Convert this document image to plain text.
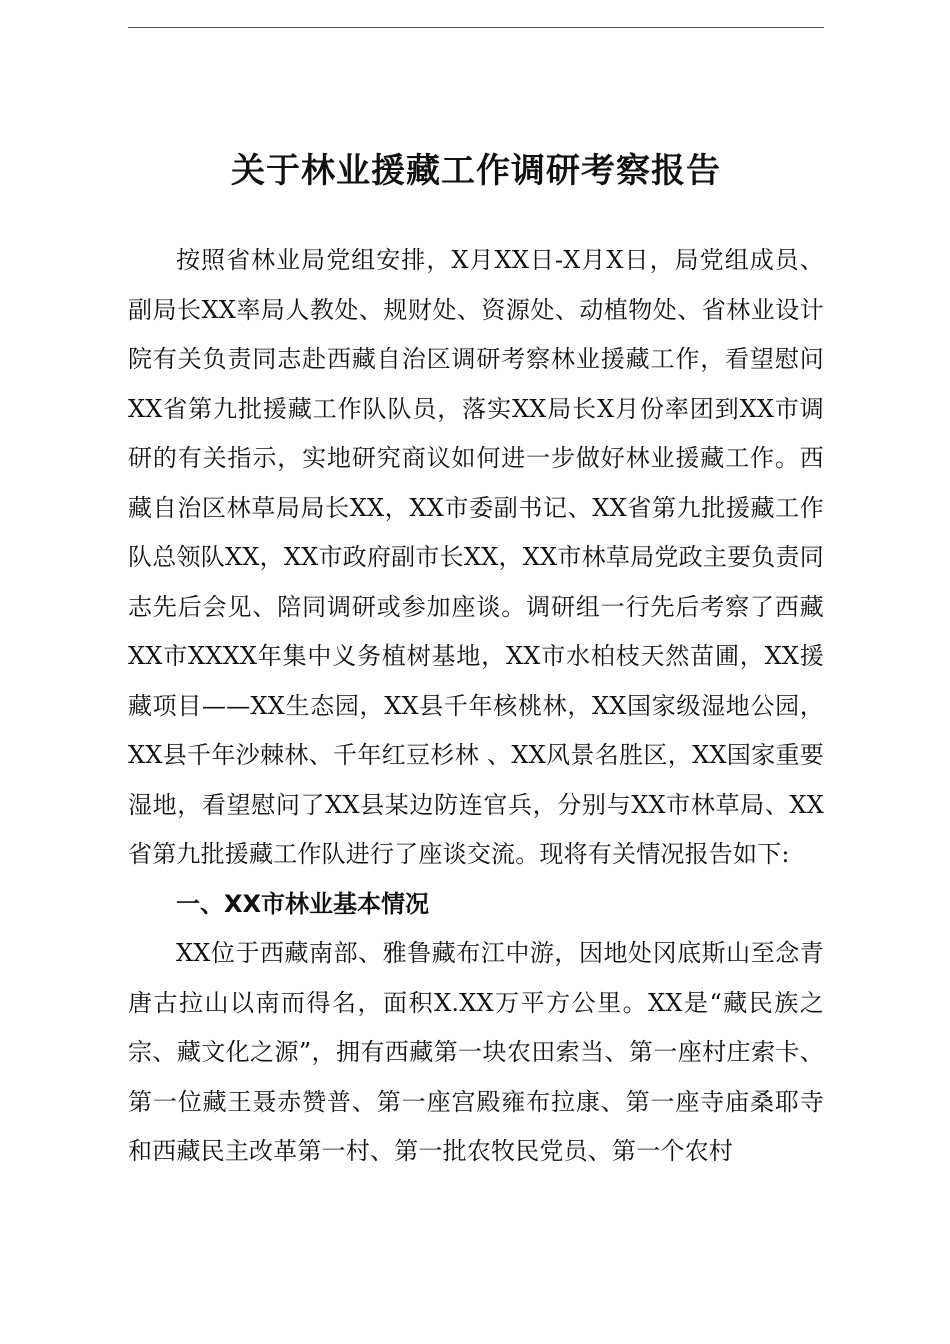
关于林业援藏工作调研考察报告

按照省林业局党组安排，X月XX日-X月X日，局党组成员、副局长XX率局人教处、规财处、资源处、动植物处、省林业设计院有关负责同志赴西藏自治区调研考察林业援藏工作，看望慰问XX省第九批援藏工作队队员，落实XX局长X月份率团到XX市调研的有关指示，实地研究商议如何进一步做好林业援藏工作。西藏自治区林草局局长XX，XX市委副书记、XX省第九批援藏工作队总领队XX，XX市政府副市长XX，XX市林草局党政主要负责同志先后会见、陪同调研或参加座谈。调研组一行先后考察了西藏XX市XXXX年集中义务植树基地，XX市水柏枝天然苗圃，XX援藏项目——XX生态园，XX县千年核桃林，XX国家级湿地公园，XX县千年沙棘林、千年红豆杉林 、XX风景名胜区，XX国家重要湿地，看望慰问了XX县某边防连官兵，分别与XX市林草局、XX省第九批援藏工作队进行了座谈交流。现将有关情况报告如下:

一、XX市林业基本情况

XX位于西藏南部、雅鲁藏布江中游，因地处冈底斯山至念青唐古拉山以南而得名，面积X.XX万平方公里。XX是“藏民族之宗、藏文化之源”，拥有西藏第一块农田索当、第一座村庄索卡、第一位藏王聂赤赞普、第一座宫殿雍布拉康、第一座寺庙桑耶寺和西藏民主改革第一村、第一批农牧民党员、第一个农村
